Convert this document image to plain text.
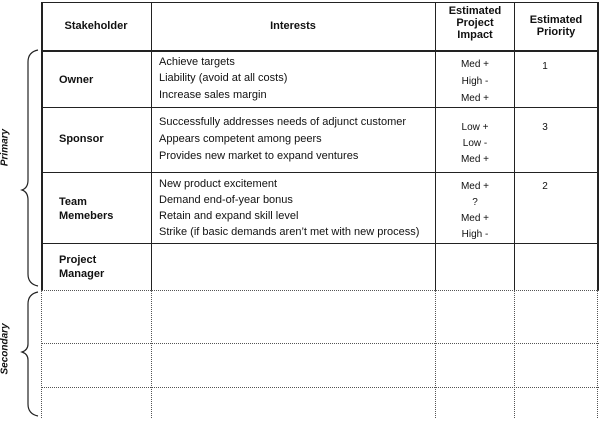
Stakeholder	Interests
Estimated
Project
Impact
Estimated
Priority
Owner
Achieve targets
Liability (avoid at all costs)
Increase sales margin
Med +
High -
Med +
1
Sponsor
Successfully addresses needs of adjunct customer
Appears competent among peers
Provides new market to expand ventures
Low +
Low -
Med +
3
Team
Memebers
New product excitement
Demand end-of-year bonus
Retain and expand skill level
Strike (if basic demands aren’t met with new process)
Med +
?
Med +
High -
2
Project
Manager
Primary
Secondary
